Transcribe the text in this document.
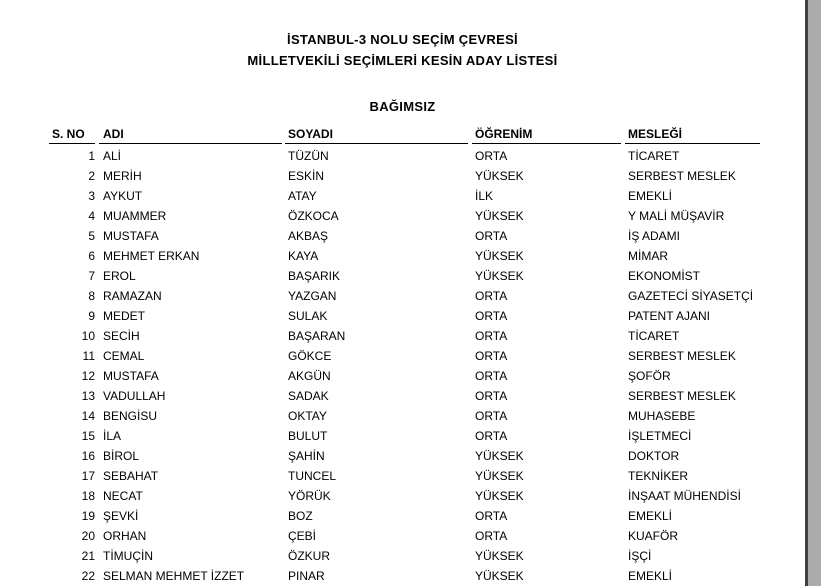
İSTANBUL-3 NOLU SEÇİM ÇEVRESİ
MİLLETVEKİLİ SEÇİMLERİ KESİN ADAY LİSTESİ
BAĞIMSIZ
S. NO ADI	SOYADI	ÖĞRENİM	MESLEĞİ
1 ALİ	TÜZÜN	ORTA	TİCARET
2 MERİH	ESKİN	YÜKSEK	SERBEST MESLEK
3 AYKUT	ATAY	İLK	EMEKLİ
4 MUAMMER	ÖZKOCA	YÜKSEK	Y MALİ MÜŞAVİR
5 MUSTAFA	AKBAŞ	ORTA	İŞ ADAMI
6 MEHMET ERKAN	KAYA	YÜKSEK	MİMAR
7 EROL	BAŞARIK	YÜKSEK	EKONOMİST
8 RAMAZAN	YAZGAN	ORTA	GAZETECİ SİYASETÇİ
9 MEDET	SULAK	ORTA	PATENT AJANI
10 SECİH	BAŞARAN	ORTA	TİCARET
11 CEMAL	GÖKCE	ORTA	SERBEST MESLEK
12 MUSTAFA	AKGÜN	ORTA	ŞOFÖR
13 VADULLAH	SADAK	ORTA	SERBEST MESLEK
14 BENGİSU	OKTAY	ORTA	MUHASEBE
15 İLA	BULUT	ORTA	İŞLETMECİ
16 BİROL	ŞAHİN	YÜKSEK	DOKTOR
17 SEBAHAT	TUNCEL	YÜKSEK	TEKNİKER
18 NECAT	YÖRÜK	YÜKSEK	İNŞAAT MÜHENDİSİ
19 ŞEVKİ	BOZ	ORTA	EMEKLİ
20 ORHAN	ÇEBİ	ORTA	KUAFÖR
21 TİMUÇİN	ÖZKUR	YÜKSEK	İŞÇİ
22 SELMAN MEHMET İZZET	PINAR	YÜKSEK	EMEKLİ
